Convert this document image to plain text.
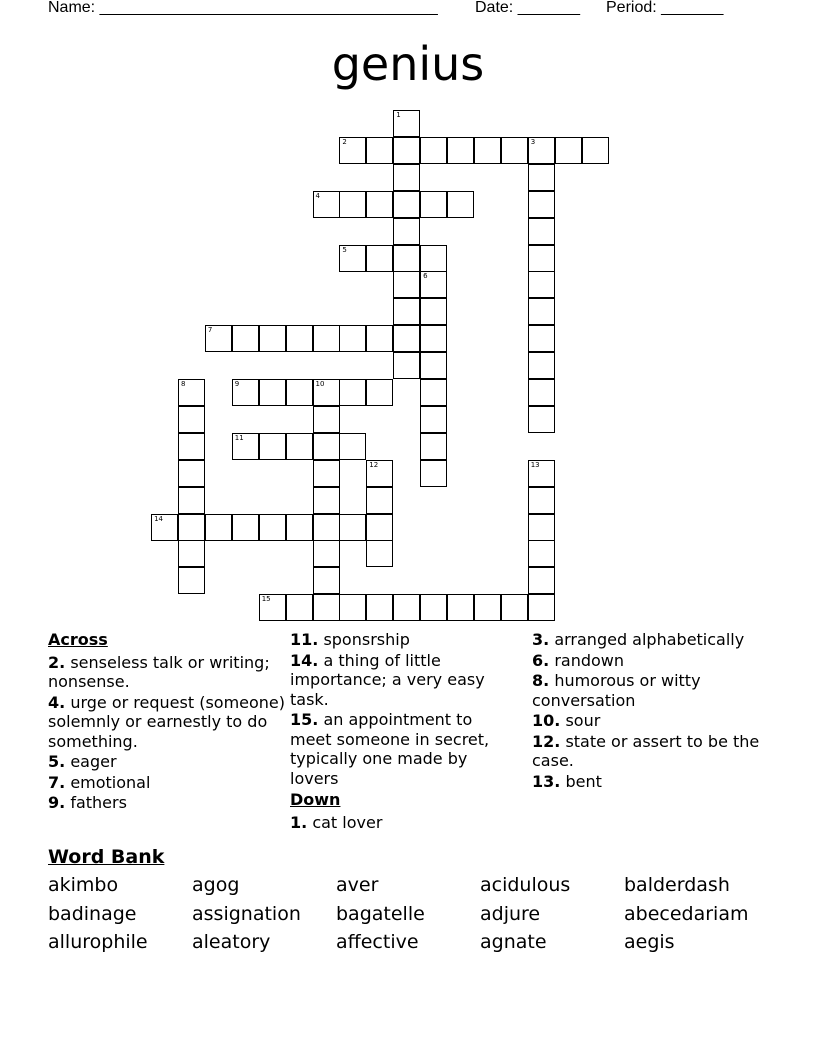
Name: ______________________________________ Date: _______ Period: _______
genius
1
2	3
4
5
6
7
8	9	10
11
12	13
14
15
Across
2. senseless talk or writing; nonsense.
4. urge or request (someone) solemnly or earnestly to do something.
5. eager
7. emotional
9. fathers
11. sponsrship
14. a thing of little importance; a very easy task.
15. an appointment to meet someone in secret, typically one made by lovers
Down
1. cat lover
3. arranged alphabetically
6. randown
8. humorous or witty conversation
10. sour
12. state or assert to be the case.
13. bent
Word Bank
akimbo	agog	aver	acidulous	balderdash
badinage	assignation	bagatelle	adjure	abecedariam
allurophile	aleatory	affective	agnate	aegis
